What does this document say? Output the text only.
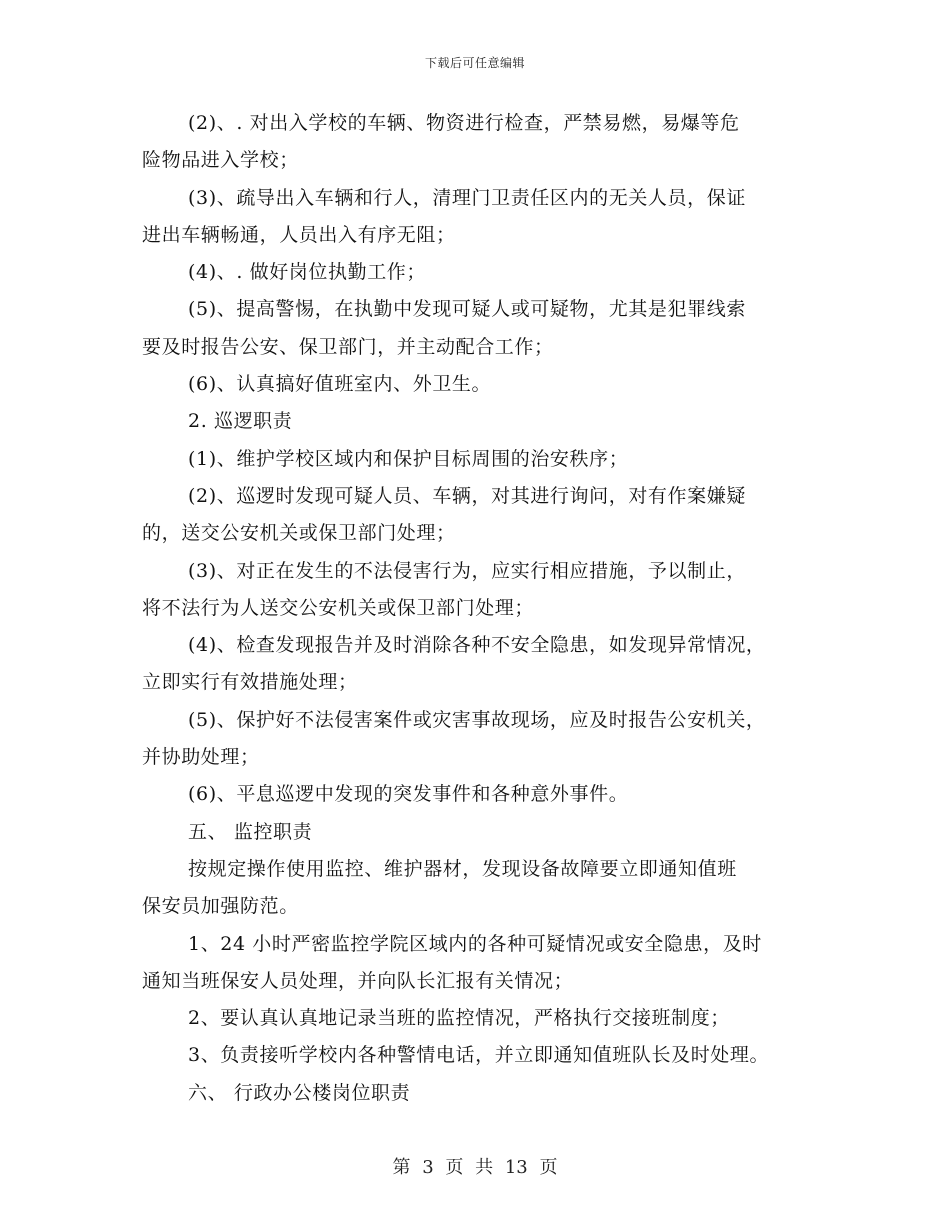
下载后可任意编辑

(2)、. 对出入学校的车辆、物资进行检查，严禁易燃，易爆等危
险物品进入学校；

(3)、疏导出入车辆和行人，清理门卫责任区内的无关人员，保证
进出车辆畅通，人员出入有序无阻；

(4)、. 做好岗位执勤工作；

(5)、提高警惕，在执勤中发现可疑人或可疑物，尤其是犯罪线索
要及时报告公安、保卫部门，并主动配合工作；

(6)、认真搞好值班室内、外卫生。

2. 巡逻职责

(1)、维护学校区域内和保护目标周围的治安秩序；

(2)、巡逻时发现可疑人员、车辆，对其进行询问，对有作案嫌疑
的，送交公安机关或保卫部门处理；

(3)、对正在发生的不法侵害行为，应实行相应措施，予以制止，
将不法行为人送交公安机关或保卫部门处理；

(4)、检查发现报告并及时消除各种不安全隐患，如发现异常情况，
立即实行有效措施处理；

(5)、保护好不法侵害案件或灾害事故现场，应及时报告公安机关，
并协助处理；

(6)、平息巡逻中发现的突发事件和各种意外事件。

五、 监控职责

按规定操作使用监控、维护器材，发现设备故障要立即通知值班
保安员加强防范。

1、24 小时严密监控学院区域内的各种可疑情况或安全隐患，及时
通知当班保安人员处理，并向队长汇报有关情况；

2、要认真认真地记录当班的监控情况，严格执行交接班制度；

3、负责接听学校内各种警情电话，并立即通知值班队长及时处理。

六、 行政办公楼岗位职责

第 3 页 共 13 页
